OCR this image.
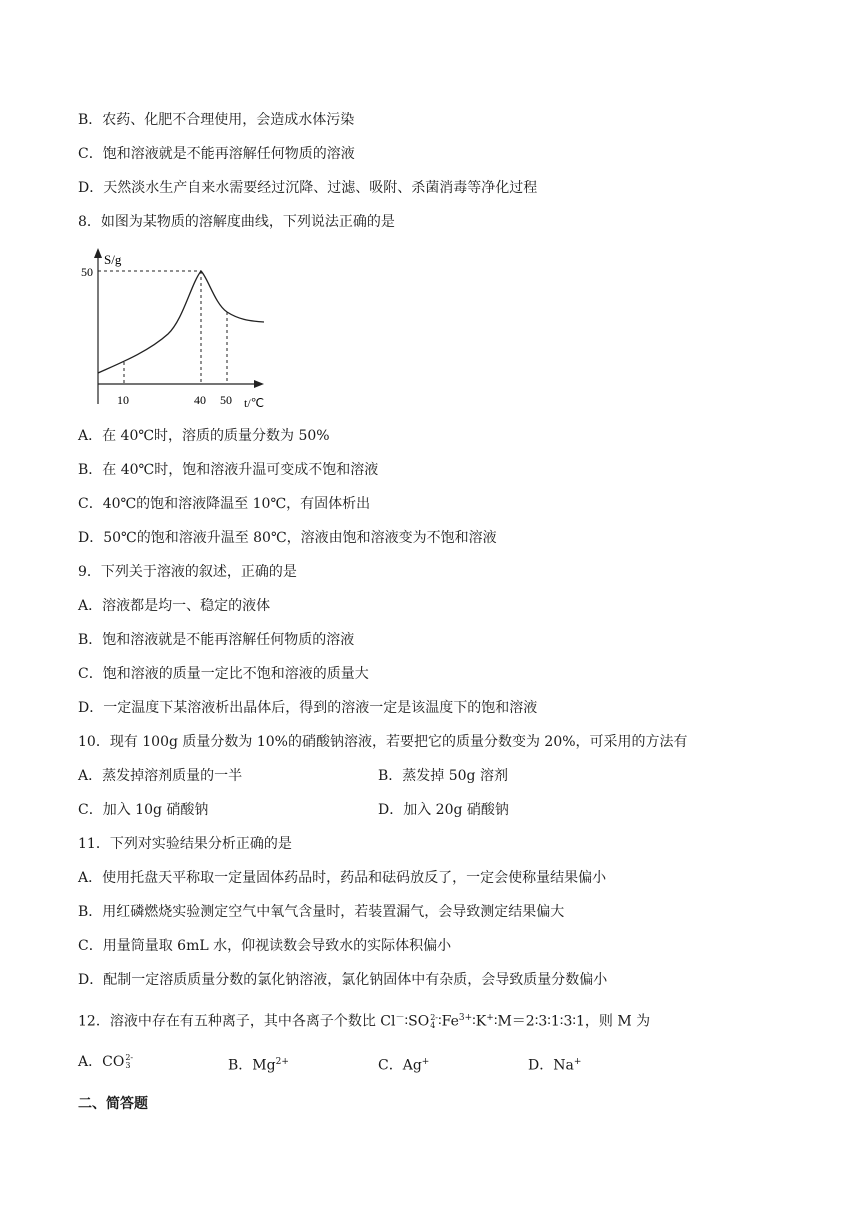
B．农药、化肥不合理使用，会造成水体污染
C．饱和溶液就是不能再溶解任何物质的溶液
D．天然淡水生产自来水需要经过沉降、过滤、吸附、杀菌消毒等净化过程
8．如图为某物质的溶解度曲线，下列说法正确的是
S/g
50
10	40 50 t/℃
A．在 40℃时，溶质的质量分数为 50%
B．在 40℃时，饱和溶液升温可变成不饱和溶液
C．40℃的饱和溶液降温至 10℃，有固体析出
D．50℃的饱和溶液升温至 80℃，溶液由饱和溶液变为不饱和溶液
9．下列关于溶液的叙述，正确的是
A．溶液都是均一、稳定的液体
B．饱和溶液就是不能再溶解任何物质的溶液
C．饱和溶液的质量一定比不饱和溶液的质量大
D．一定温度下某溶液析出晶体后，得到的溶液一定是该温度下的饱和溶液
10．现有 100g 质量分数为 10%的硝酸钠溶液，若要把它的质量分数变为 20%，可采用的方法有
A．蒸发掉溶剂质量的一半	B．蒸发掉 50g 溶剂
C．加入 10g 硝酸钠	D．加入 20g 硝酸钠
11．下列对实验结果分析正确的是
A．使用托盘天平称取一定量固体药品时，药品和砝码放反了，一定会使称量结果偏小
B．用红磷燃烧实验测定空气中氧气含量时，若装置漏气，会导致测定结果偏大
C．用量筒量取 6mL 水，仰视读数会导致水的实际体积偏小
D．配制一定溶质质量分数的氯化钠溶液，氯化钠固体中有杂质，会导致质量分数偏小
12．溶液中存在有五种离子，其中各离子个数比 Cl－∶SO 2-
4 $∶Fe^{3+}∶K^+∶M=2∶3∶1∶3∶1$，则 M 为
A．CO 2-
3	B．$Mg^{2+}$	C．Ag+	D．Na+
二、简答题
